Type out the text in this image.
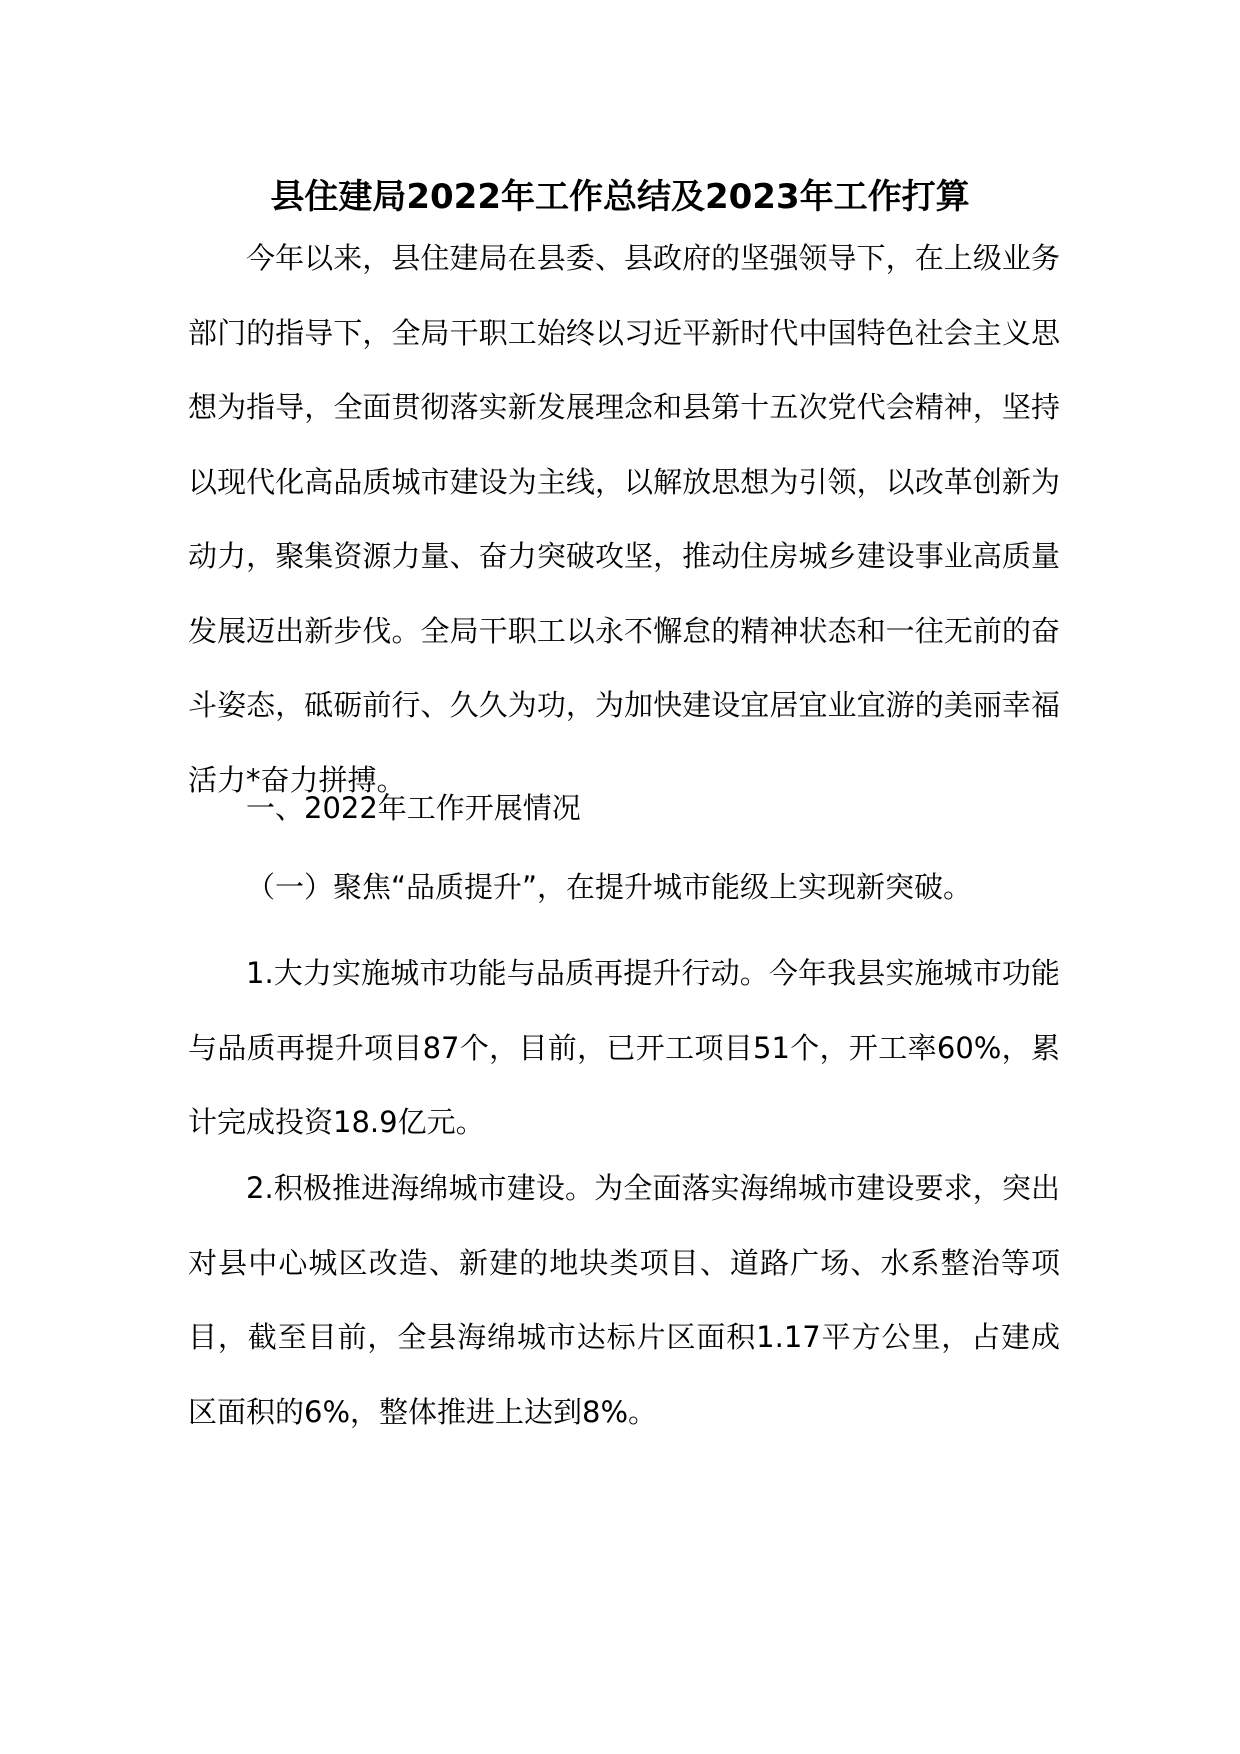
县住建局2022年工作总结及2023年工作打算

今年以来，县住建局在县委、县政府的坚强领导下，在上级业务部门的指导下，全局干职工始终以习近平新时代中国特色社会主义思想为指导，全面贯彻落实新发展理念和县第十五次党代会精神，坚持以现代化高品质城市建设为主线，以解放思想为引领，以改革创新为动力，聚集资源力量、奋力突破攻坚，推动住房城乡建设事业高质量发展迈出新步伐。全局干职工以永不懈怠的精神状态和一往无前的奋斗姿态，砥砺前行、久久为功，为加快建设宜居宜业宜游的美丽幸福活力*奋力拼搏。

一、2022年工作开展情况

（一）聚焦“品质提升”，在提升城市能级上实现新突破。

1.大力实施城市功能与品质再提升行动。今年我县实施城市功能与品质再提升项目87个，目前，已开工项目51个，开工率60%，累计完成投资18.9亿元。

2.积极推进海绵城市建设。为全面落实海绵城市建设要求，突出对县中心城区改造、新建的地块类项目、道路广场、水系整治等项目，截至目前，全县海绵城市达标片区面积1.17平方公里，占建成区面积的6%，整体推进上达到8%。
